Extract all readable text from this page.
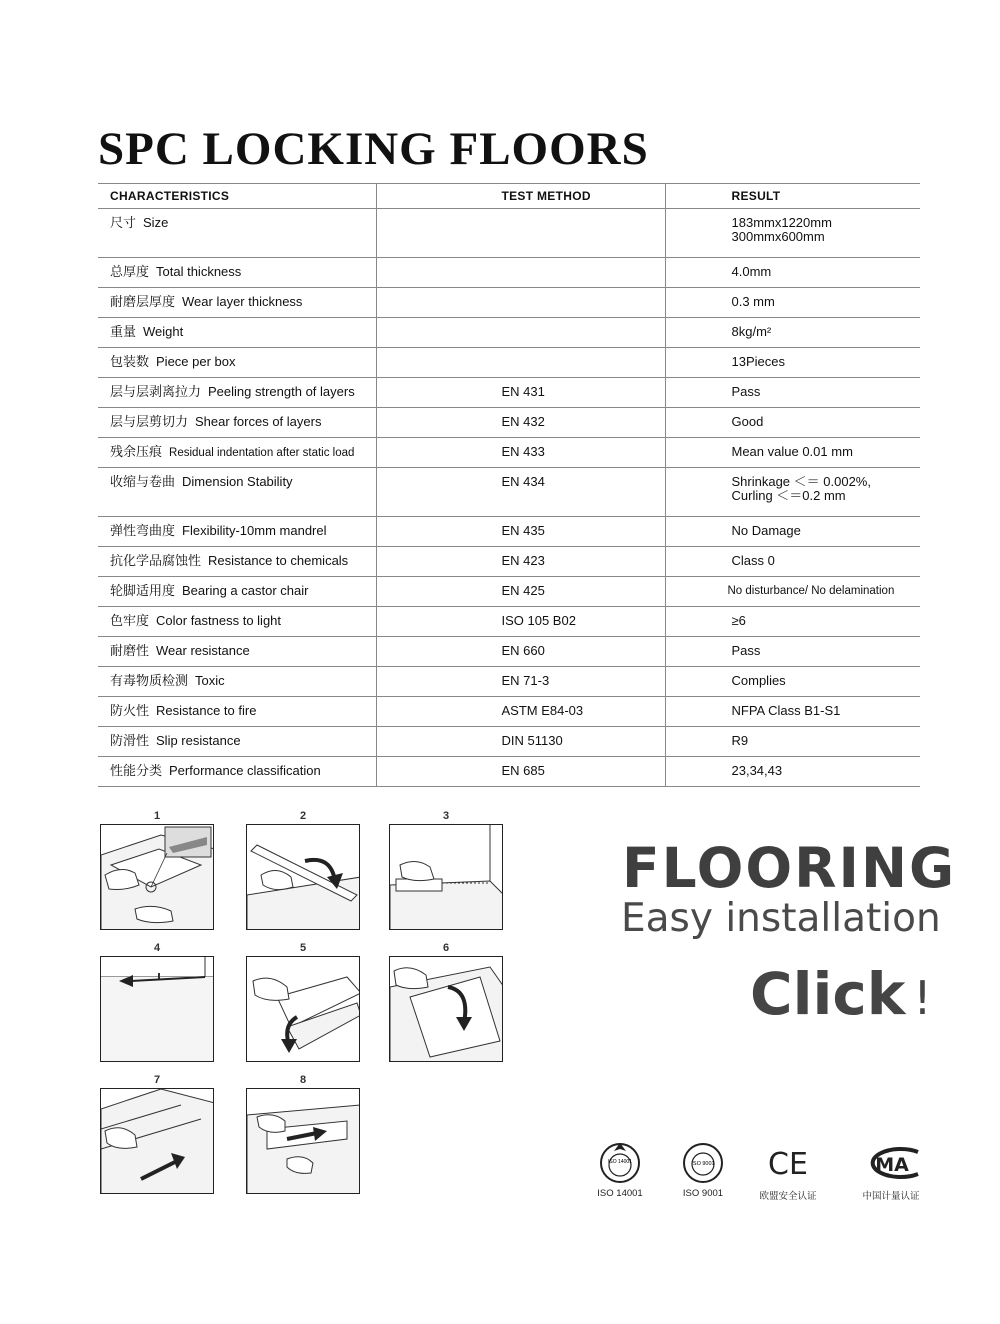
SPC LOCKING FLOORS
CHARACTERISTICS	TEST METHOD	RESULT
尺寸 Size		183mmx1220mm
300mmx600mm

总厚度 Total thickness		4.0mm

耐磨层厚度 Wear layer thickness		0.3 mm

重量 Weight		8kg/m²

包装数 Piece per box		13Pieces

层与层剥离拉力 Peeling strength of layers	EN 431	Pass

层与层剪切力 Shear forces of layers	EN 432	Good

残余压痕 Residual indentation after static load	EN 433	Mean value 0.01 mm

收缩与卷曲 Dimension Stability	EN 434	Shrinkage ＜＝ 0.002%,
Curling ＜＝0.2 mm

弹性弯曲度 Flexibility-10mm mandrel	EN 435	No Damage

抗化学品腐蚀性 Resistance to chemicals	EN 423	Class 0

轮脚适用度 Bearing a castor chair	EN 425	No disturbance/ No delamination

色牢度 Color fastness to light	ISO 105 B02	≥6

耐磨性 Wear resistance	EN 660	Pass

有毒物质检测 Toxic	EN 71-3	Complies

防火性 Resistance to fire	ASTM E84-03	NFPA Class B1-S1

防滑性 Slip resistance	DIN 51130	R9

性能分类 Performance classification	EN 685	23,34,43
1	2	3
4	5	6
7	8
FLOORING
Easy installation
Click !
ISO 14001
ISO 14001
ISO 9001
ISO 9001
CE
欧盟安全认证
MA
中国计量认证
